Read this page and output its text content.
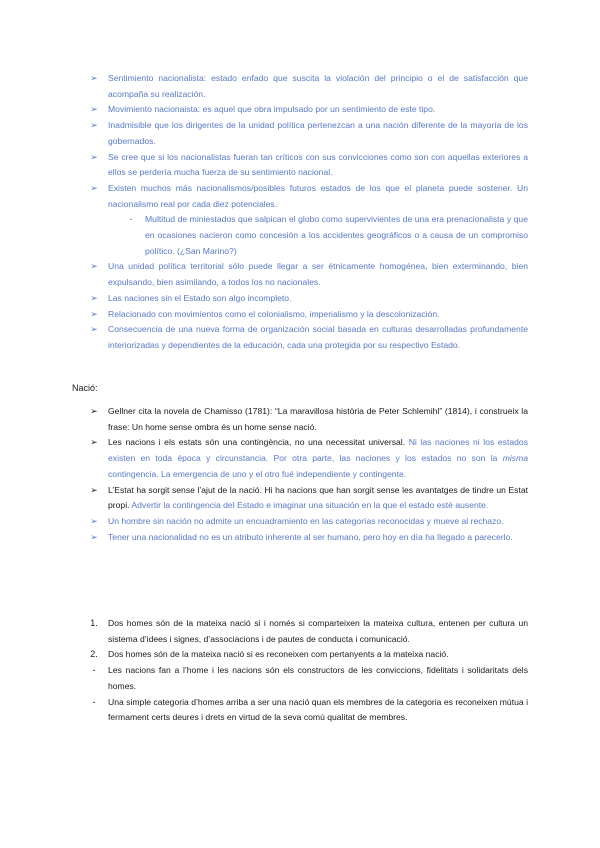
➢ Sentimiento nacionalista: estado enfado que suscita la violación del principio o el de satisfacción que acompaña su realización.
➢ Movimiento nacionaista: es aquel que obra impulsado por un sentimiento de este tipo.
➢ Inadmisible que los dirigentes de la unidad política pertenezcan a una nación diferente de la mayoría de los gobernados.
➢ Se cree que si los nacionalistas fueran tan críticos con sus convicciones como son con aquellas exteriores a ellos se perdería mucha fuerza de su sentimiento nacional.
➢ Existen muchos más nacionalismos/posibles futuros estados de los que el planeta puede sostener. Un nacionalismo real por cada diez potenciales.
-	Multitud de miniestados que salpican el globo como supervivientes de una era prenacionalista y que en ocasiones nacieron como concesión a los accidentes geográficos o a causa de un compromiso político. (¿San Marino?)
➢ Una unidad política territorial sólo puede llegar a ser étnicamente homogénea, bien exterminando, bien expulsando, bien asimilando, a todos los no nacionales.
➢ Las naciones sin el Estado son algo incompleto.
➢ Relacionado con movimientos como el colonialismo, imperialismo y la descolonización.
➢ Consecuencia de una nueva forma de organización social basada en culturas desarrolladas profundamente interiorizadas y dependientes de la educación, cada una protegida por su respectivo Estado.
Nació:
➢ Gellner cita la novela de Chamisso (1781): “La maravillosa història de Peter Schlemihl” (1814), i construeix la frase: Un home sense ombra és un home sense nació.
➢ Les nacions i els estats són una contingència, no una necessitat universal. Ni las naciones ni los estados existen en toda época y circunstancia. Por otra parte, las naciones y los estados no son la misma contingencia. La emergencia de uno y el otro fué independiente y contingente.
➢ L’Estat ha sorgit sense l’ajut de la nació. Hi ha nacions que han sorgit sense les avantatges de tindre un Estat propi. Advertir la contingencia del Estado e imaginar una situación en la que el estado esté ausente.
➢ Un hombre sin nación no admite un encuadramiento en las categorías reconocidas y mueve al rechazo.
➢ Tener una nacionalidad no es un atributo inherente al ser humano, pero hoy en día ha llegado a parecerlo.
1. Dos homes són de la mateixa nació si i només si comparteixen la mateixa cultura, entenen per cultura un sistema d’idees i signes, d’associacions i de pautes de conducta i comunicació.
2. Dos homes són de la mateixa nació si es reconeixen com pertanyents a la mateixa nació.
-	Les nacions fan a l’home i les nacions són els constructors de les conviccions, fidelitats i solidaritats dels homes.
-	Una simple categoria d’homes arriba a ser una nació quan els membres de la categoria es reconeixen mútua i fermament certs deures i drets en virtud de la seva comú qualitat de membres.
